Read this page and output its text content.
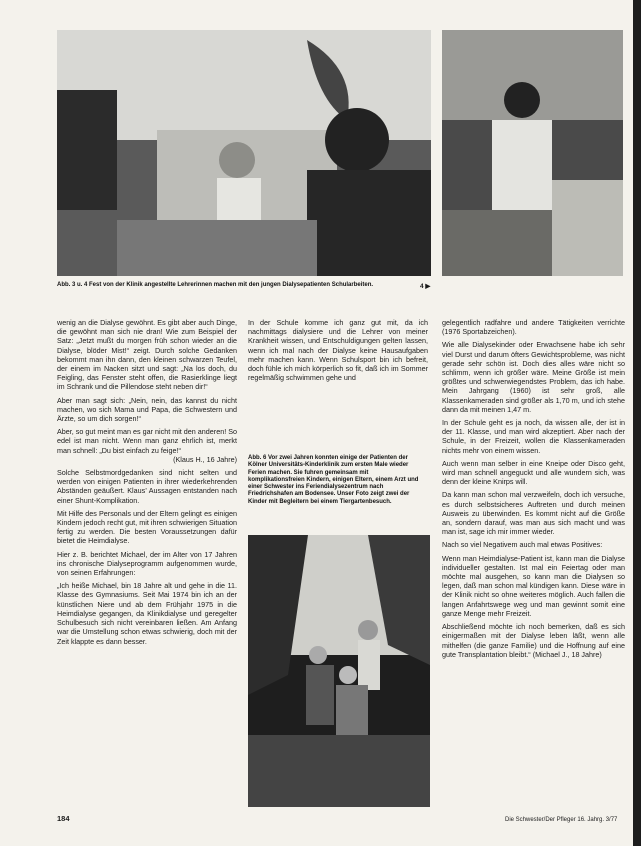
Abb. 3 u. 4 Fest von der Klinik angestellte Lehrerinnen machen mit den jungen Dialysepatienten Schularbeiten.	4 ▶

wenig an die Dialyse gewöhnt. Es gibt aber auch Dinge, die gewöhnt man sich nie dran! Wie zum Beispiel der Satz: „Jetzt mußt du morgen früh schon wieder an die Dialyse, blöder Mist!“ zeigt. Durch solche Gedanken bekommt man ihn dann, den kleinen schwarzen Teufel, der einem im Nacken sitzt und sagt: „Na los doch, du Feigling, das Fenster steht offen, die Rasierklinge liegt im Schrank und die Pillendose steht neben dir!“

Aber man sagt sich: „Nein, nein, das kannst du nicht machen, wo sich Mama und Papa, die Schwestern und Ärzte, so um dich sorgen!“

Aber, so gut meint man es gar nicht mit den anderen! So edel ist man nicht. Wenn man ganz ehrlich ist, merkt man schnell: „Du bist einfach zu feige!“

(Klaus H., 16 Jahre)

Solche Selbstmordgedanken sind nicht selten und werden von einigen Patienten in ihrer wiederkehrenden Abständen geäußert. Klaus’ Aussagen entstanden nach einer Shunt-Komplikation.

Mit Hilfe des Personals und der Eltern gelingt es einigen Kindern jedoch recht gut, mit ihren schwierigen Situation fertig zu werden. Die besten Voraussetzungen dafür bietet die Heimdialyse.

Hier z. B. berichtet Michael, der im Alter von 17 Jahren ins chronische Dialyseprogramm aufgenommen wurde, von seinen Erfahrungen:

„Ich heiße Michael, bin 18 Jahre alt und gehe in die 11. Klasse des Gymnasiums. Seit Mai 1974 bin ich an der künstlichen Niere und ab dem Frühjahr 1975 in die Heimdialyse gegangen, da Klinikdialyse und geregelter Schulbesuch sich nicht vereinbaren ließen. Am Anfang war die Umstellung schon etwas schwierig, doch mit der Zeit klappte es dann besser.

In der Schule komme ich ganz gut mit, da ich nachmittags dialysiere und die Lehrer von meiner Krankheit wissen, und Entschuldigungen gelten lassen, wenn ich mal nach der Dialyse keine Hausaufgaben mehr machen kann. Wenn Schulsport bin ich befreit, doch fühle ich mich körperlich so fit, daß ich im Sommer regelmäßig schwimmen gehe und

Abb. 6 Vor zwei Jahren konnten einige der Patienten der Kölner Universitäts-Kinderklinik zum ersten Male wieder Ferien machen. Sie fuhren gemeinsam mit komplikationsfreien Kindern, einigen Eltern, einem Arzt und einer Schwester ins Feriendialysezentrum nach Friedrichshafen am Bodensee. Unser Foto zeigt zwei der Kinder mit Begleitern bei einem Tiergartenbesuch.

gelegentlich radfahre und andere Tätigkeiten verrichte (1976 Sportabzeichen).

Wie alle Dialysekinder oder Erwachsene habe ich sehr viel Durst und darum öfters Gewichtsprobleme, was nicht gerade sehr schön ist. Doch dies alles wäre nicht so schlimm, wenn ich größer wäre. Meine Größe ist mein größtes und schwerwiegendstes Problem, das ich habe. Mein Jahrgang (1960) ist sehr groß, alle Klassenkameraden sind größer als 1,70 m, und ich stehe dann da mit meinen 1,47 m.

In der Schule geht es ja noch, da wissen alle, der ist in der 11. Klasse, und man wird akzeptiert. Aber nach der Schule, in der Freizeit, wollen die Klassenkameraden nichts mehr von einem wissen.

Auch wenn man selber in eine Kneipe oder Disco geht, wird man schnell angeguckt und alle wundern sich, was denn der kleine Knirps will.

Da kann man schon mal verzweifeln, doch ich versuche, es durch selbstsicheres Auftreten und durch meinen Ausweis zu überwinden. Es kommt nicht auf die Größe an, sondern darauf, was man aus sich macht und was man ist, sage ich mir immer wieder.

Nach so viel Negativem auch mal etwas Positives:

Wenn man Heimdialyse-Patient ist, kann man die Dialyse individueller gestalten. Ist mal ein Feiertag oder man möchte mal ausgehen, so kann man die Dialysen so legen, daß man schon mal kündigen kann. Diese wäre in der Klinik nicht so ohne weiteres möglich. Auch fallen die langen Anfahrtswege weg und man gewinnt somit eine ganze Menge mehr Freizeit.

Abschließend möchte ich noch bemerken, daß es sich einigermaßen mit der Dialyse leben läßt, wenn alle mithelfen (die ganze Familie) und die Hoffnung auf eine gute Transplantation bleibt.“ (Michael J., 18 Jahre)

184	Die Schwester/Der Pfleger 16. Jahrg. 3/77
